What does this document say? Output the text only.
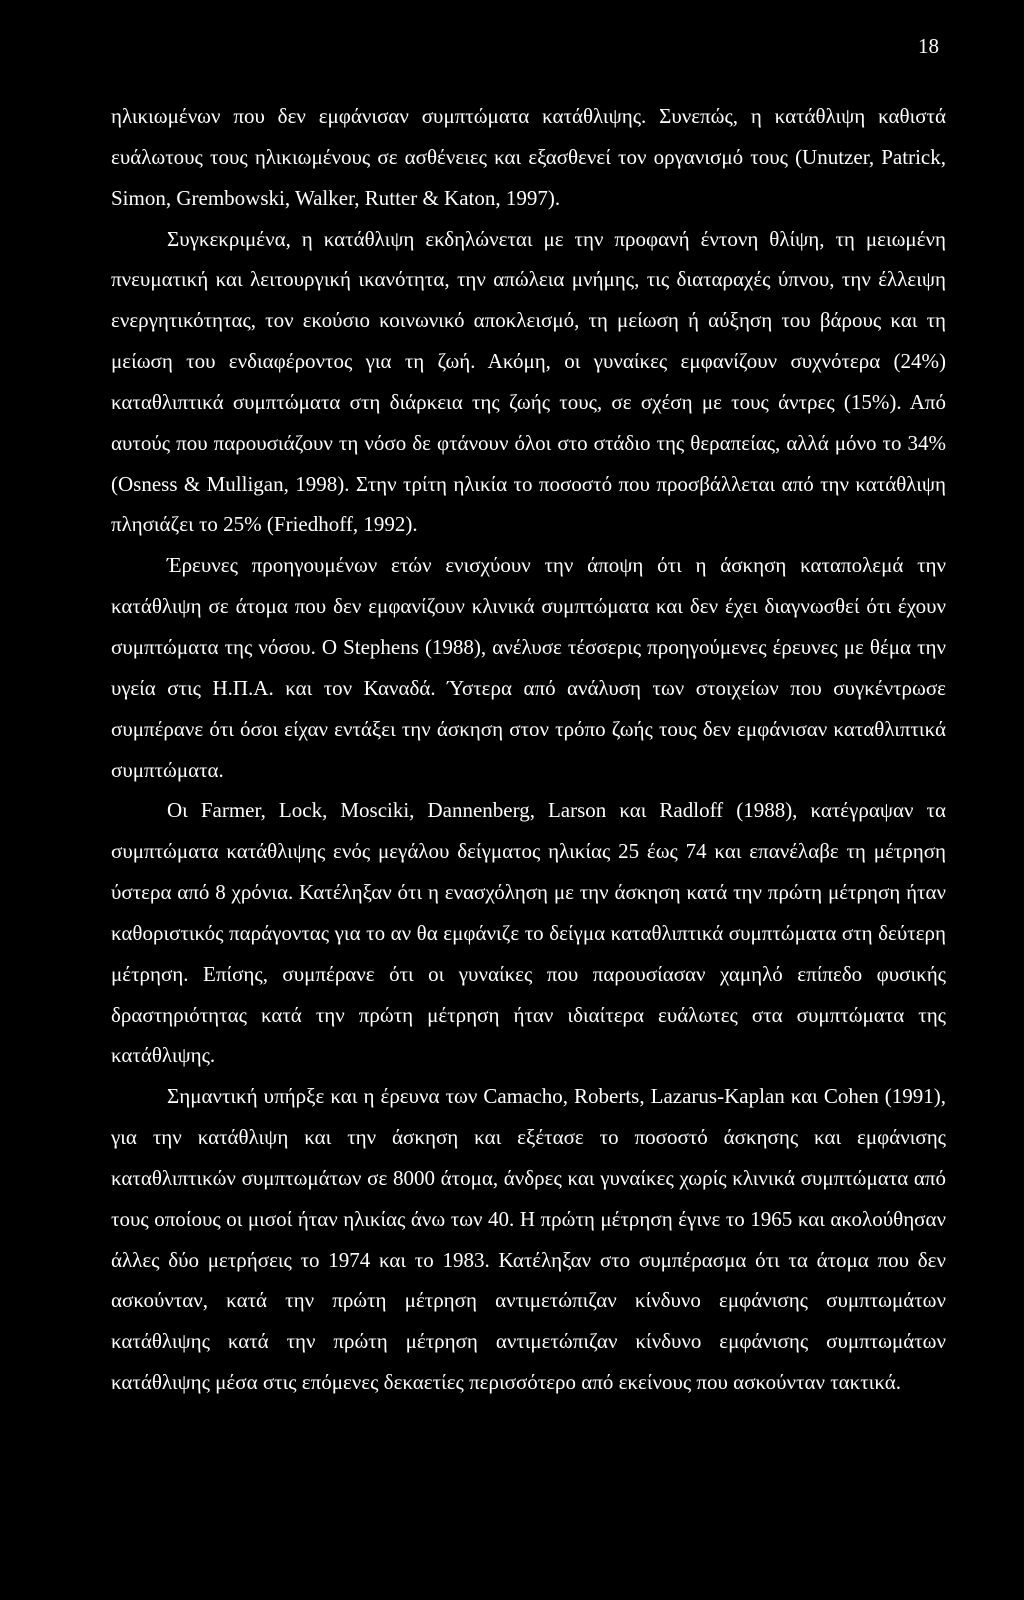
18

ηλικιωμένων που δεν εμφάνισαν συμπτώματα κατάθλιψης. Συνεπώς, η κατάθλιψη καθιστά ευάλωτους τους ηλικιωμένους σε ασθένειες και εξασθενεί τον οργανισμό τους (Unutzer, Patrick, Simon, Grembowski, Walker, Rutter & Katon, 1997).

Συγκεκριμένα, η κατάθλιψη εκδηλώνεται με την προφανή έντονη θλίψη, τη μειωμένη πνευματική και λειτουργική ικανότητα, την απώλεια μνήμης, τις διαταραχές ύπνου, την έλλειψη ενεργητικότητας, τον εκούσιο κοινωνικό αποκλεισμό, τη μείωση ή αύξηση του βάρους και τη μείωση του ενδιαφέροντος για τη ζωή. Ακόμη, οι γυναίκες εμφανίζουν συχνότερα (24%) καταθλιπτικά συμπτώματα στη διάρκεια της ζωής τους, σε σχέση με τους άντρες (15%). Από αυτούς που παρουσιάζουν τη νόσο δε φτάνουν όλοι στο στάδιο της θεραπείας, αλλά μόνο το 34% (Osness & Mulligan, 1998). Στην τρίτη ηλικία το ποσοστό που προσβάλλεται από την κατάθλιψη πλησιάζει το 25% (Friedhoff, 1992).

Έρευνες προηγουμένων ετών ενισχύουν την άποψη ότι η άσκηση καταπολεμά την κατάθλιψη σε άτομα που δεν εμφανίζουν κλινικά συμπτώματα και δεν έχει διαγνωσθεί ότι έχουν συμπτώματα της νόσου. Ο Stephens (1988), ανέλυσε τέσσερις προηγούμενες έρευνες με θέμα την υγεία στις Η.Π.Α. και τον Καναδά. Ύστερα από ανάλυση των στοιχείων που συγκέντρωσε συμπέρανε ότι όσοι είχαν εντάξει την άσκηση στον τρόπο ζωής τους δεν εμφάνισαν καταθλιπτικά συμπτώματα.

Οι Farmer, Lock, Mosciki, Dannenberg, Larson και Radloff (1988), κατέγραψαν τα συμπτώματα κατάθλιψης ενός μεγάλου δείγματος ηλικίας 25 έως 74 και επανέλαβε τη μέτρηση ύστερα από 8 χρόνια. Κατέληξαν ότι η ενασχόληση με την άσκηση κατά την πρώτη μέτρηση ήταν καθοριστικός παράγοντας για το αν θα εμφάνιζε το δείγμα καταθλιπτικά συμπτώματα στη δεύτερη μέτρηση. Επίσης, συμπέρανε ότι οι γυναίκες που παρουσίασαν χαμηλό επίπεδο φυσικής δραστηριότητας κατά την πρώτη μέτρηση ήταν ιδιαίτερα ευάλωτες στα συμπτώματα της κατάθλιψης.

Σημαντική υπήρξε και η έρευνα των Camacho, Roberts, Lazarus-Kaplan και Cohen (1991), για την κατάθλιψη και την άσκηση και εξέτασε το ποσοστό άσκησης και εμφάνισης καταθλιπτικών συμπτωμάτων σε 8000 άτομα, άνδρες και γυναίκες χωρίς κλινικά συμπτώματα από τους οποίους οι μισοί ήταν ηλικίας άνω των 40. Η πρώτη μέτρηση έγινε το 1965 και ακολούθησαν άλλες δύο μετρήσεις το 1974 και το 1983. Κατέληξαν στο συμπέρασμα ότι τα άτομα που δεν ασκούνταν, κατά την πρώτη μέτρηση αντιμετώπιζαν κίνδυνο εμφάνισης συμπτωμάτων κατάθλιψης κατά την πρώτη μέτρηση αντιμετώπιζαν κίνδυνο εμφάνισης συμπτωμάτων κατάθλιψης μέσα στις επόμενες δεκαετίες περισσότερο από εκείνους που ασκούνταν τακτικά.
